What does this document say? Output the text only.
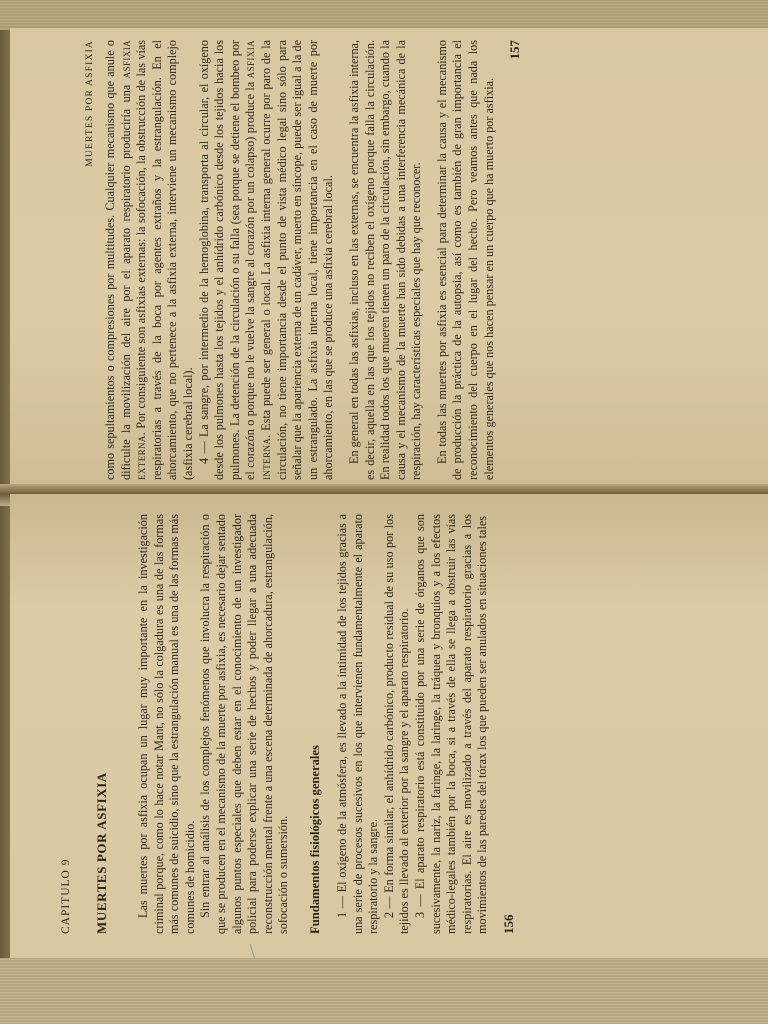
MUERTES POR ASFIXIA como sepultamientos o compresiones por multitudes. Cualquier mecanismo que anule o dificulte la movilización del aire por el aparato respiratorio produciría una asfixia externa. Por consiguiente son asfixias externas: la sofocación, la obstrucción de las vías respiratorias a través de la boca por agentes extraños y la estrangulación. En el ahorcamiento, que no pertenece a la asfixia externa, interviene un mecanismo complejo (asfixia cerebral local). 4 — La sangre, por intermedio de la hemoglobina, transporta al circular, el oxígeno desde los pulmones hasta los tejidos y el anhídrido carbónico desde los tejidos hacia los pulmones. La detención de la circulación o su falla (sea porque se detiene el bombeo por el corazón o porque no le vuelve la sangre al corazón por un colapso) produce la asfixia interna. Esta puede ser general o local. La asfixia interna general ocurre por paro de la circulación, no tiene importancia desde el punto de vista médico legal sino sólo para señalar que la apariencia externa de un cadáver, muerto en síncope, puede ser igual a la de un estrangulado. La asfixia interna local, tiene importancia en el caso de muerte por ahorcamiento, en las que se produce una asfixia cerebral local. En general en todas las asfixias, incluso en las externas, se encuentra la asfixia interna, es decir, aquella en las que los tejidos no reciben el oxígeno porque falla la circulación. En realidad todos los que mueren tienen un paro de la circulación, sin embargo, cuando la causa y el mecanismo de la muerte han sido debidas a una interferencia mecánica de la respiración, hay características especiales que hay que reconocer. En todas las muertes por asfixia es esencial para determinar la causa y el mecanismo de producción la práctica de la autopsia, así como es también de gran importancia el reconocimiento del cuerpo en el lugar del hecho. Pero veamos antes que nada los elementos generales que nos hacen pensar en un cuerpo que ha muerto por asfixia.

157

CAPITULO 9 MUERTES POR ASFIXIA Las muertes por asfixia ocupan un lugar muy importante en la investigación criminal porque, como lo hace notar Mant, no sólo la colgadura es una de las formas más comunes de suicidio, sino que la estrangulación manual es una de las formas más comunes de homicidio. Sin entrar al análisis de los complejos fenómenos que involucra la respiración o que se producen en el mecanismo de la muerte por asfixia, es necesario dejar sentado algunos puntos especiales que deben estar en el conocimiento de un investigador policial para poderse explicar una serie de hechos y poder llegar a una adecuada reconstrucción mental frente a una escena determinada de ahorcadura, estrangulación, sofocación o sumersión. Fundamentos fisiológicos generales 1 — El oxígeno de la atmósfera, es llevado a la intimidad de los tejidos gracias a una serie de procesos sucesivos en los que intervienen fundamentalmente el aparato respiratorio y la sangre. 2 — En forma similar, el anhídrido carbónico, producto residual de su uso por los tejidos es llevado al exterior por la sangre y el aparato respiratorio. 3 — El aparato respiratorio está constituido por una serie de órganos que son sucesivamente, la nariz, la faringe, la laringe, la tráquea y bronquios y a los efectos médico-legales también por la boca, si a través de ella se llega a obstruir las vías respiratorias. El aire es movilizado a través del aparato respiratorio gracias a los movimientos de las paredes del tórax los que pueden ser anulados en situaciones tales 156
